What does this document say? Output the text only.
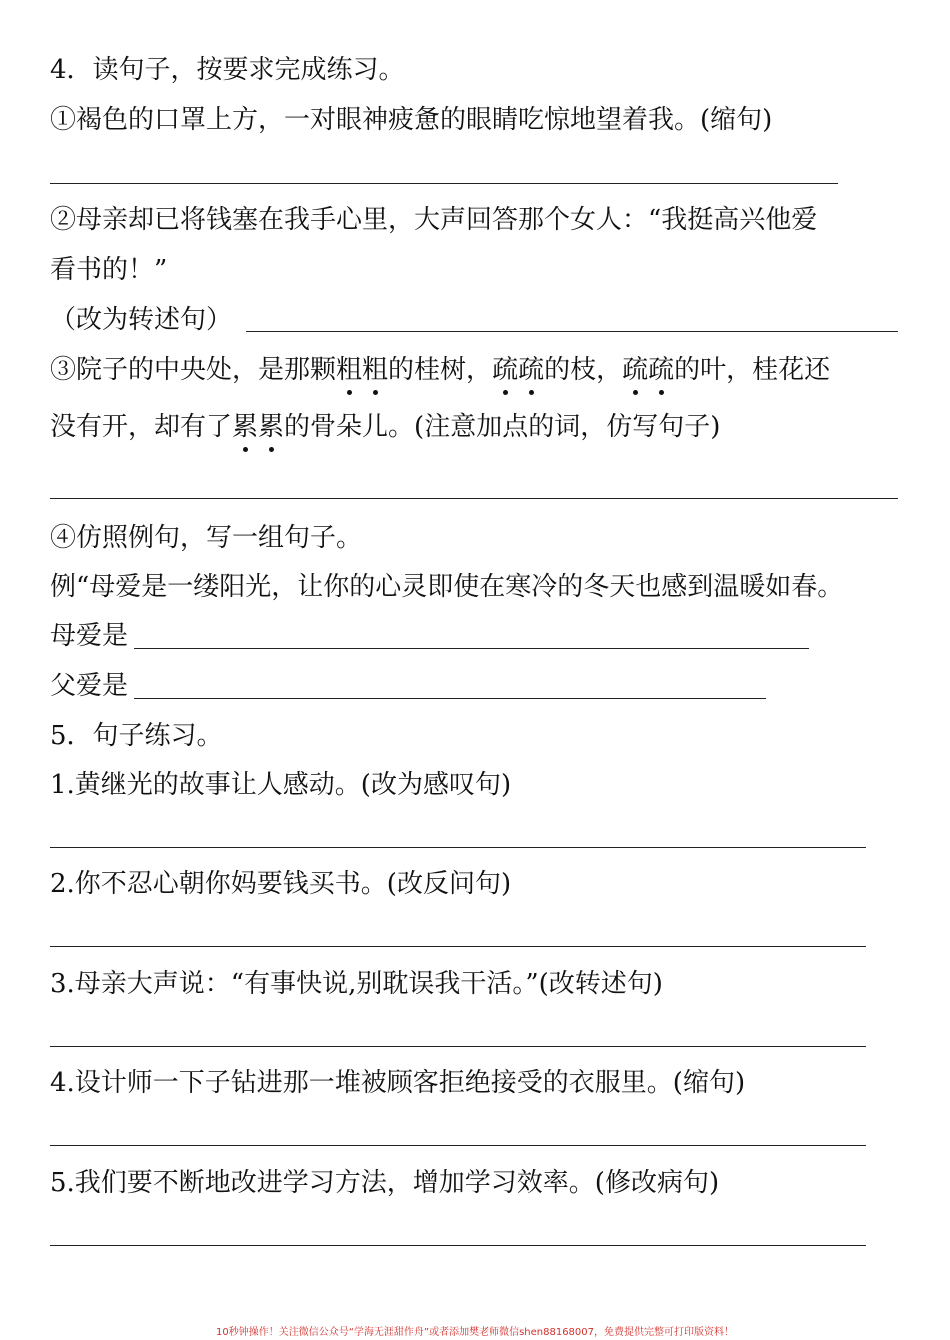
4．读句子，按要求完成练习。
①褐色的口罩上方，一对眼神疲惫的眼睛吃惊地望着我。(缩句)
②母亲却已将钱塞在我手心里，大声回答那个女人：“我挺高兴他爱
看书的！”
（改为转述句）
③院子的中央处，是那颗粗粗的桂树，疏疏的枝，疏疏的叶，桂花还
没有开，却有了累累的骨朵儿。(注意加点的词，仿写句子)
④仿照例句，写一组句子。
例“母爱是一缕阳光，让你的心灵即使在寒冷的冬天也感到温暖如春。
母爱是
父爱是
5．句子练习。
1.黄继光的故事让人感动。(改为感叹句)
2.你不忍心朝你妈要钱买书。(改反问句)
3.母亲大声说：“有事快说,别耽误我干活。”(改转述句)
4.设计师一下子钻进那一堆被顾客拒绝接受的衣服里。(缩句)
5.我们要不断地改进学习方法，增加学习效率。(修改病句)
10秒钟操作！关注微信公众号“学海无涯甜作舟”或者添加樊老师微信shen88168007，免费提供完整可打印版资料！
